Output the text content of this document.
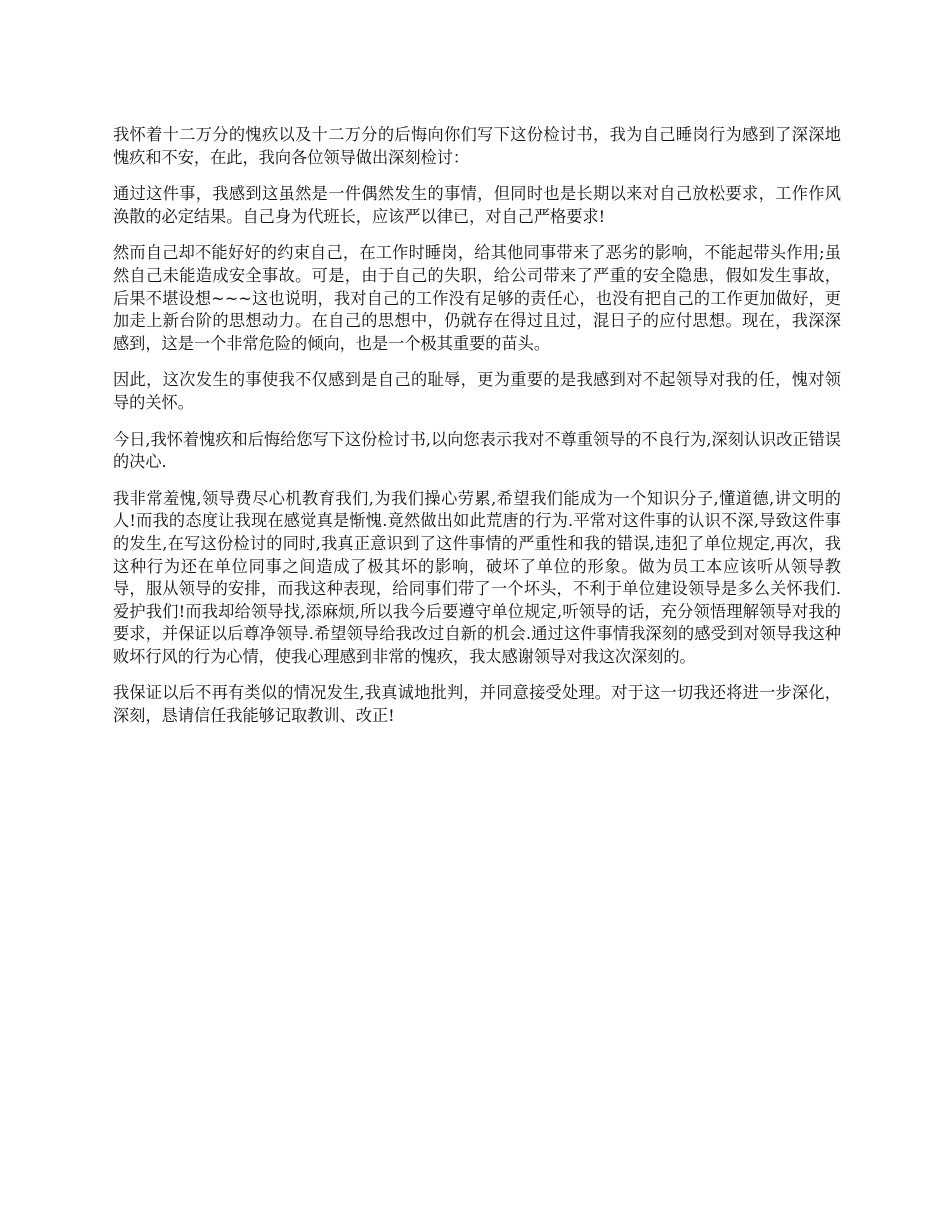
我怀着十二万分的愧疚以及十二万分的后悔向你们写下这份检讨书，我为自己睡岗行为感到了深深地愧疚和不安，在此，我向各位领导做出深刻检讨：

通过这件事，我感到这虽然是一件偶然发生的事情，但同时也是长期以来对自己放松要求，工作作风涣散的必定结果。自己身为代班长，应该严以律已，对自己严格要求!

然而自己却不能好好的约束自己，在工作时睡岗，给其他同事带来了恶劣的影响，不能起带头作用;虽然自己未能造成安全事故。可是，由于自己的失职，给公司带来了严重的安全隐患，假如发生事故，后果不堪设想~~~这也说明，我对自己的工作没有足够的责任心，也没有把自己的工作更加做好，更加走上新台阶的思想动力。在自己的思想中，仍就存在得过且过，混日子的应付思想。现在，我深深感到，这是一个非常危险的倾向，也是一个极其重要的苗头。

因此，这次发生的事使我不仅感到是自己的耻辱，更为重要的是我感到对不起领导对我的任，愧对领导的关怀。

今日,我怀着愧疚和后悔给您写下这份检讨书,以向您表示我对不尊重领导的不良行为,深刻认识改正错误的决心.

我非常羞愧,领导费尽心机教育我们,为我们操心劳累,希望我们能成为一个知识分子,懂道德,讲文明的人!而我的态度让我现在感觉真是惭愧.竟然做出如此荒唐的行为.平常对这件事的认识不深,导致这件事的发生,在写这份检讨的同时,我真正意识到了这件事情的严重性和我的错误,违犯了单位规定,再次，我这种行为还在单位同事之间造成了极其坏的影响，破坏了单位的形象。做为员工本应该听从领导教导，服从领导的安排，而我这种表现，给同事们带了一个坏头，不利于单位建设领导是多么关怀我们.爱护我们!而我却给领导找,添麻烦,所以我今后要遵守单位规定,听领导的话，充分领悟理解领导对我的要求，并保证以后尊净领导.希望领导给我改过自新的机会.通过这件事情我深刻的感受到对领导我这种败坏行风的行为心情，使我心理感到非常的愧疚，我太感谢领导对我这次深刻的。

我保证以后不再有类似的情况发生,我真诚地批判，并同意接受处理。对于这一切我还将进一步深化，深刻，恳请信任我能够记取教训、改正!
